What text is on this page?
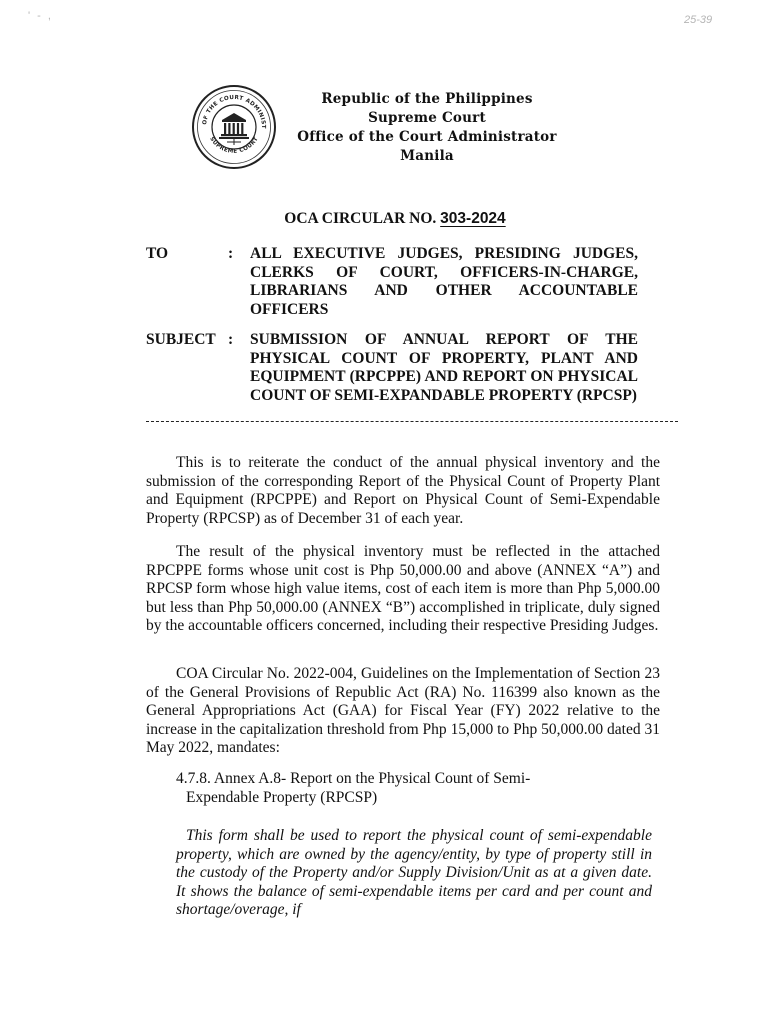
' - ,	25-39
OF THE COURT ADMINIST
SUPREME COURT
Republic of the Philippines
Supreme Court
Office of the Court Administrator
Manila
OCA CIRCULAR NO. 303-2024
TO	: ALL EXECUTIVE JUDGES, PRESIDING JUDGES, CLERKS OF COURT, OFFICERS-IN-CHARGE, LIBRARIANS AND OTHER ACCOUNTABLE OFFICERS
SUBJECT : SUBMISSION OF ANNUAL REPORT OF THE PHYSICAL COUNT OF PROPERTY, PLANT AND EQUIPMENT (RPCPPE) AND REPORT ON PHYSICAL COUNT OF SEMI-EXPANDABLE PROPERTY (RPCSP)
This is to reiterate the conduct of the annual physical inventory and the submission of the corresponding Report of the Physical Count of Property Plant and Equipment (RPCPPE) and Report on Physical Count of Semi-Expendable Property (RPCSP) as of December 31 of each year.
The result of the physical inventory must be reflected in the attached RPCPPE forms whose unit cost is Php 50,000.00 and above (ANNEX “A”) and RPCSP form whose high value items, cost of each item is more than Php 5,000.00 but less than Php 50,000.00 (ANNEX “B”) accomplished in triplicate, duly signed by the accountable officers concerned, including their respective Presiding Judges.
COA Circular No. 2022-004, Guidelines on the Implementation of Section 23 of the General Provisions of Republic Act (RA) No. 116399 also known as the General Appropriations Act (GAA) for Fiscal Year (FY) 2022 relative to the increase in the capitalization threshold from Php 15,000 to Php 50,000.00 dated 31 May 2022, mandates:
4.7.8. Annex A.8- Report on the Physical Count of Semi-
Expendable Property (RPCSP)
This form shall be used to report the physical count of semi-expendable property, which are owned by the agency/entity, by type of property still in the custody of the Property and/or Supply Division/Unit as at a given date. It shows the balance of semi-expendable items per card and per count and shortage/overage, if
